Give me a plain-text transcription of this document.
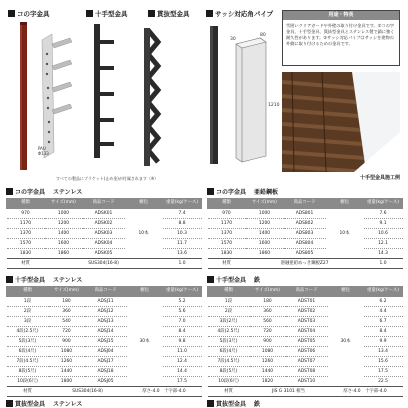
コの字金具	十手型金具	貫抜型金具	サッシ対応角パイプ
PAU
Φ133
30
80
1210
すべての製品にブラケット(止め金)が付属されます（※）
用途・特長
雪囲いクリアガードや外壁の取り付け金具です。①コの字金具、十手型金具、貫抜型金具とステンレス製で錆に強く耐久性があります。②サッシ対応パイプはサッシを建物の外側に取り付けるための金具です。
十手型金具施工例
コの字金具 ステンレス
種類	サイズ(mm)	商品コード	梱包	重量(kg/ケース)
970	1000	ADSK01	10本	7.4
1170	1200	ADSK02		8.8
1370	1400	ADSK03		10.3
1570	1600	ADSK04		11.7
1830	1860	ADSK05		13.6
材質	SUS304(16-8)			1.0
コの字金具 亜鉛鋼板
種類	サイズ(mm)	商品コード	梱包	重量(kg/ケース)
970	1000	ADS801	10本	7.6
1170	1200	ADS802		9.1
1370	1400	ADS803		10.6
1570	1600	ADS804		12.1
1830	1860	ADS805		14.3
材質	溶融亜鉛めっき鋼板Z27			1.0
十手型金具 ステンレス
種類	サイズ(mm)	商品コード	梱包	重量(kg/ケース)
1段	180	ADSJ11	30本	5.2
2段	360	ADSJ12		5.6
3段	540	ADSJ13		7.0
4段(2.5尺)	720	ADSJ14		8.4
5段(3尺)	900	ADSJ15		9.8
6段(4尺)	1080	ADSJ04		11.0
7段(4.5尺)	1260	ADSJ17		12.4
8段(5尺)	1440	ADSJ18		14.4
10段(6尺)	1800	ADSJ05		17.5
材質	SUS304(16-8)		厚さ-4.0　十字部-4.0	
十手型金具 鉄
種類	サイズ(mm)	商品コード	梱包	重量(kg/ケース)
1段	180	ADST01	30本	6.2
2段	360	ADST02		4.4
3段(2尺)	560	ADST03		6.7
4段(2.5尺)	720	ADST04		8.4
5段(3尺)	900	ADST05		9.9
6段(4尺)	1080	ADST06		13.4
7段(4.5尺)	1260	ADST07		15.6
8段(5尺)	1440	ADST08		17.5
10段(6尺)	1820	ADST10		22.5
材質	JIS G 3101 相当		厚さ-4.0　十字部-4.0	
貫抜型金具 ステンレス	貫抜型金具 鉄
